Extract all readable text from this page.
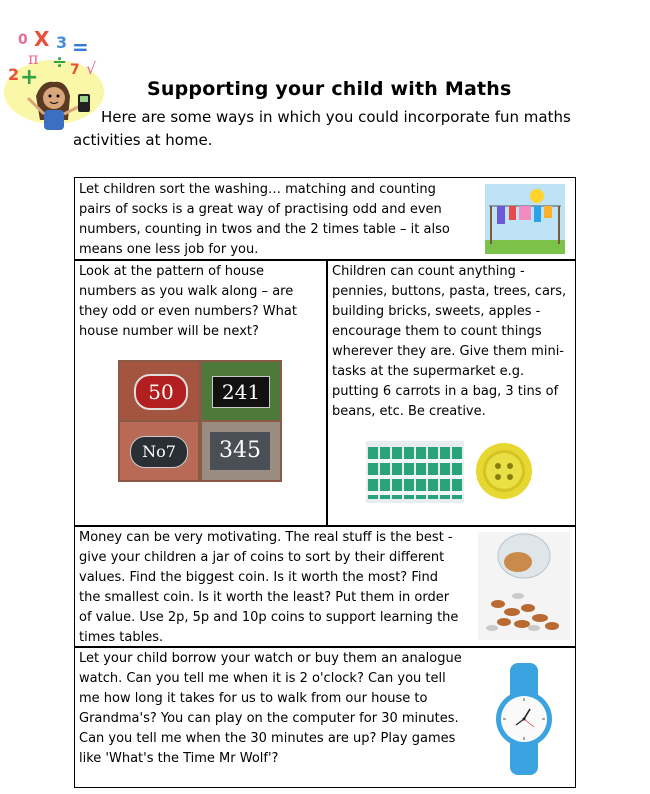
0 X 3 =
π ÷
2 + 7 √
Supporting your child with Maths

Here are some ways in which you could incorporate fun maths activities at home.

Let children sort the washing… matching and counting pairs of socks is a great way of practising odd and even numbers, counting in twos and the 2 times table – it also means one less job for you.

Look at the pattern of house numbers as you walk along – are they odd or even numbers? What house number will be next?

50	241
No7	345

Children can count anything - pennies, buttons, pasta, trees, cars, building bricks, sweets, apples - encourage them to count things wherever they are. Give them mini-tasks at the supermarket e.g. putting 6 carrots in a bag, 3 tins of beans, etc. Be creative.

Money can be very motivating. The real stuff is the best - give your children a jar of coins to sort by their different values. Find the biggest coin. Is it worth the most? Find the smallest coin. Is it worth the least? Put them in order of value. Use 2p, 5p and 10p coins to support learning the times tables.

Let your child borrow your watch or buy them an analogue watch. Can you tell me when it is 2 o'clock? Can you tell me how long it takes for us to walk from our house to Grandma's? You can play on the computer for 30 minutes. Can you tell me when the 30 minutes are up? Play games like 'What's the Time Mr Wolf'?
